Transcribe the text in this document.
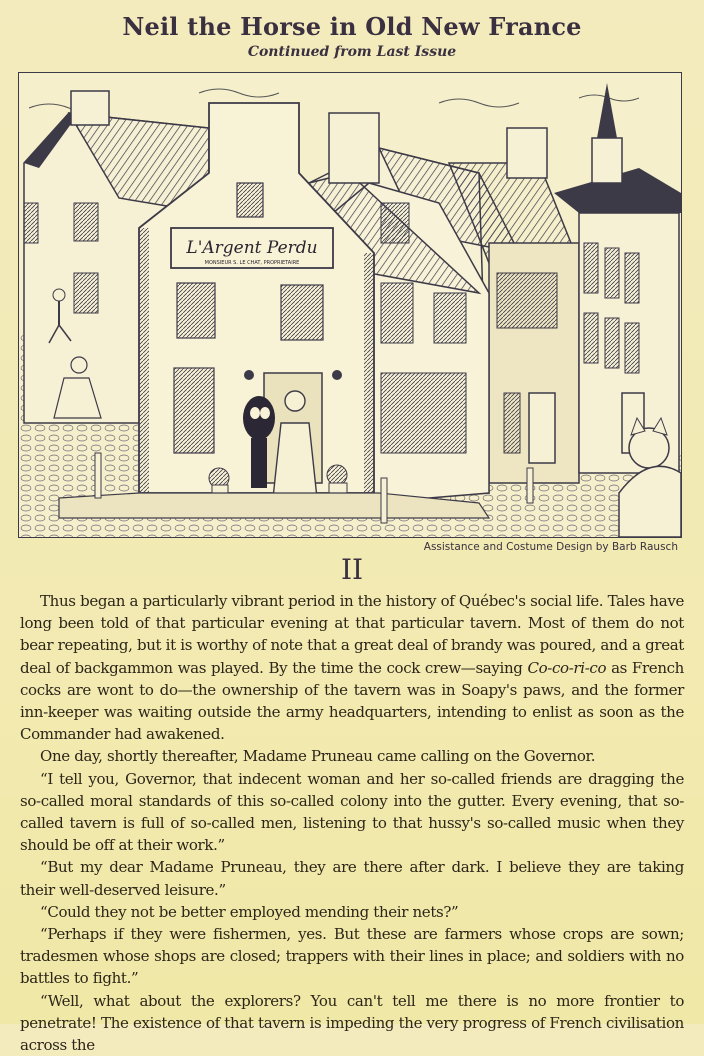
Neil the Horse in Old New France
Continued from Last Issue
L'Argent Perdu
MONSIEUR S. LE CHAT, PROPRIETAIRE
Assistance and Costume Design by Barb Rausch
II

Thus began a particularly vibrant period in the history of Québec's social life. Tales have long been told of that particular evening at that particular tavern. Most of them do not bear repeating, but it is worthy of note that a great deal of brandy was poured, and a great deal of backgammon was played. By the time the cock crew—saying Co-co-ri-co as French cocks are wont to do—the ownership of the tavern was in Soapy's paws, and the former inn-keeper was waiting outside the army headquarters, intending to enlist as soon as the Commander had awakened.

One day, shortly thereafter, Madame Pruneau came calling on the Governor.

“I tell you, Governor, that indecent woman and her so-called friends are dragging the so-called moral standards of this so-called colony into the gutter. Every evening, that so-called tavern is full of so-called men, listening to that hussy's so-called music when they should be off at their work.”

“But my dear Madame Pruneau, they are there after dark. I believe they are taking their well-deserved leisure.”

“Could they not be better employed mending their nets?”

“Perhaps if they were fishermen, yes. But these are farmers whose crops are sown; tradesmen whose shops are closed; trappers with their lines in place; and soldiers with no battles to fight.”

“Well, what about the explorers? You can't tell me there is no more frontier to penetrate! The existence of that tavern is impeding the very progress of French civilisation across the
